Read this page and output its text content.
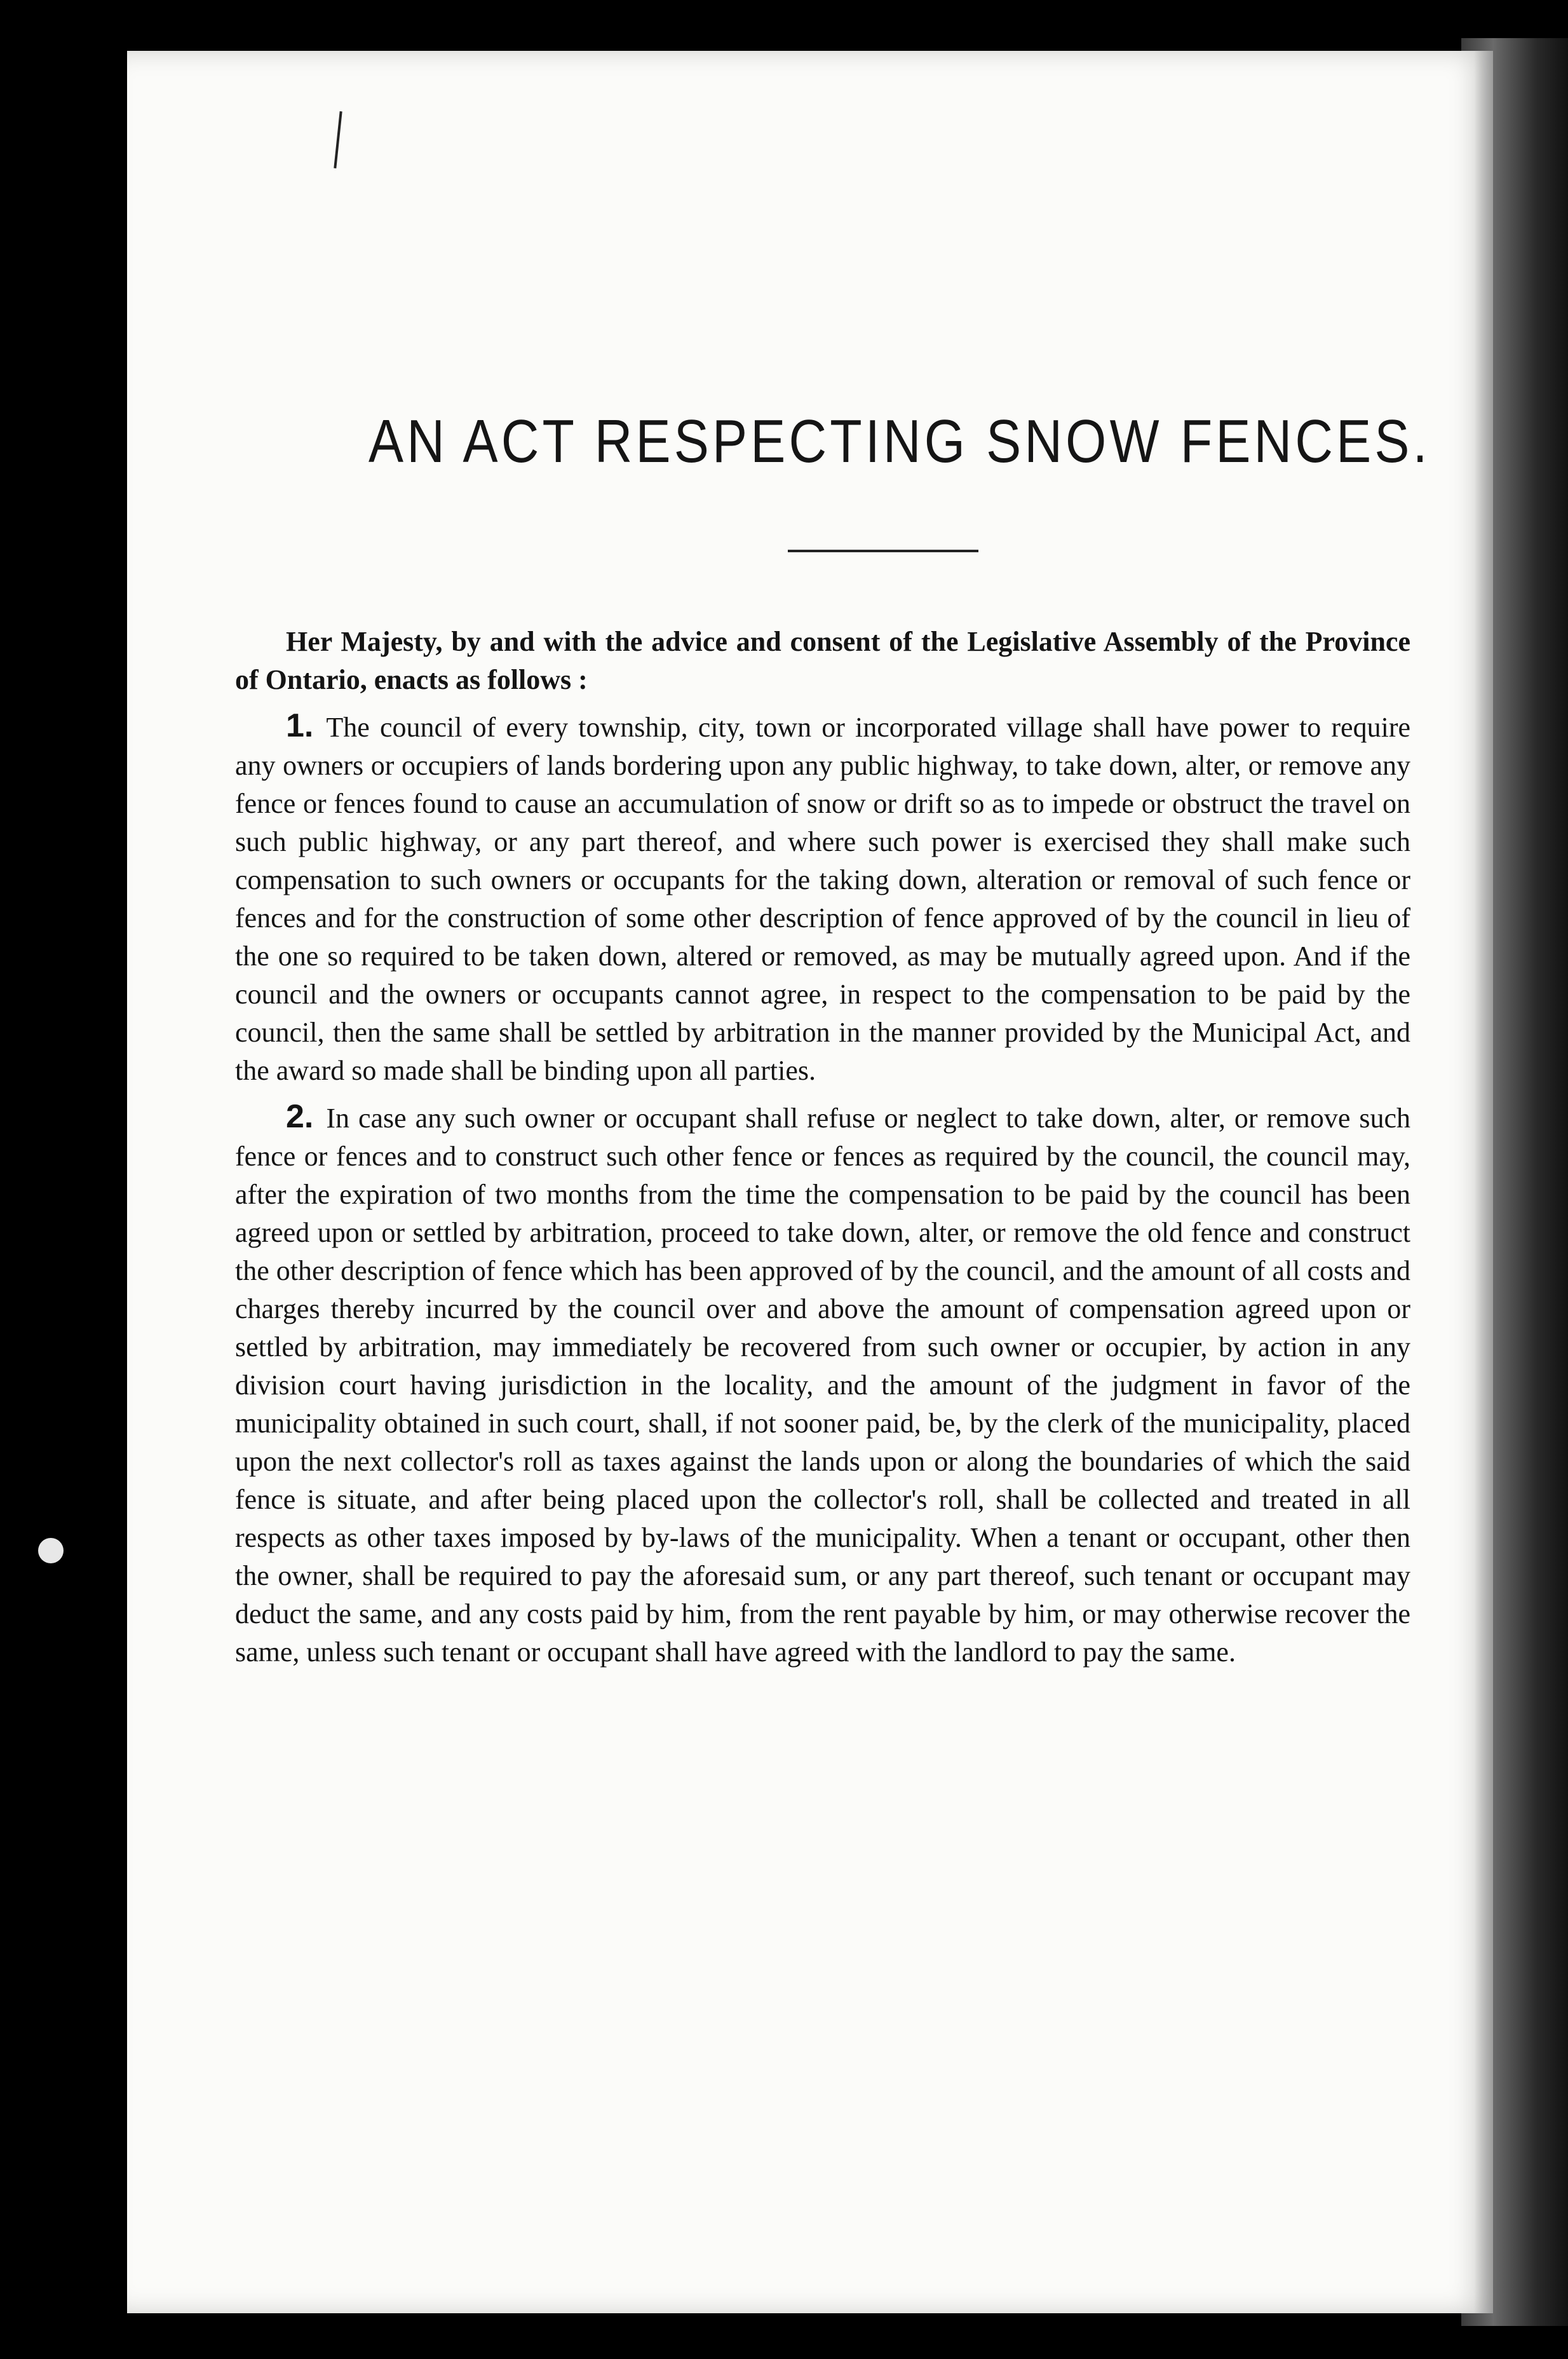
AN ACT RESPECTING SNOW FENCES.

Her Majesty, by and with the advice and consent of the Legislative Assembly of the Province of Ontario, enacts as follows :

1. The council of every township, city, town or incorporated village shall have power to require any owners or occupiers of lands bordering upon any public highway, to take down, alter, or remove any fence or fences found to cause an accumulation of snow or drift so as to impede or obstruct the travel on such public highway, or any part thereof, and where such power is exercised they shall make such compensation to such owners or occupants for the taking down, alteration or removal of such fence or fences and for the construction of some other description of fence approved of by the council in lieu of the one so required to be taken down, altered or removed, as may be mutually agreed upon. And if the council and the owners or occupants cannot agree, in respect to the compensation to be paid by the council, then the same shall be settled by arbitration in the manner provided by the Municipal Act, and the award so made shall be binding upon all parties.

2. In case any such owner or occupant shall refuse or neglect to take down, alter, or remove such fence or fences and to construct such other fence or fences as required by the council, the council may, after the expiration of two months from the time the compensation to be paid by the council has been agreed upon or settled by arbitration, proceed to take down, alter, or remove the old fence and construct the other description of fence which has been approved of by the council, and the amount of all costs and charges thereby incurred by the council over and above the amount of compensation agreed upon or settled by arbitration, may immediately be recovered from such owner or occupier, by action in any division court having jurisdiction in the locality, and the amount of the judgment in favor of the municipality obtained in such court, shall, if not sooner paid, be, by the clerk of the municipality, placed upon the next collector's roll as taxes against the lands upon or along the boundaries of which the said fence is situate, and after being placed upon the collector's roll, shall be collected and treated in all respects as other taxes imposed by by-laws of the municipality. When a tenant or occupant, other then the owner, shall be required to pay the aforesaid sum, or any part thereof, such tenant or occupant may deduct the same, and any costs paid by him, from the rent payable by him, or may otherwise recover the same, unless such tenant or occupant shall have agreed with the landlord to pay the same.
